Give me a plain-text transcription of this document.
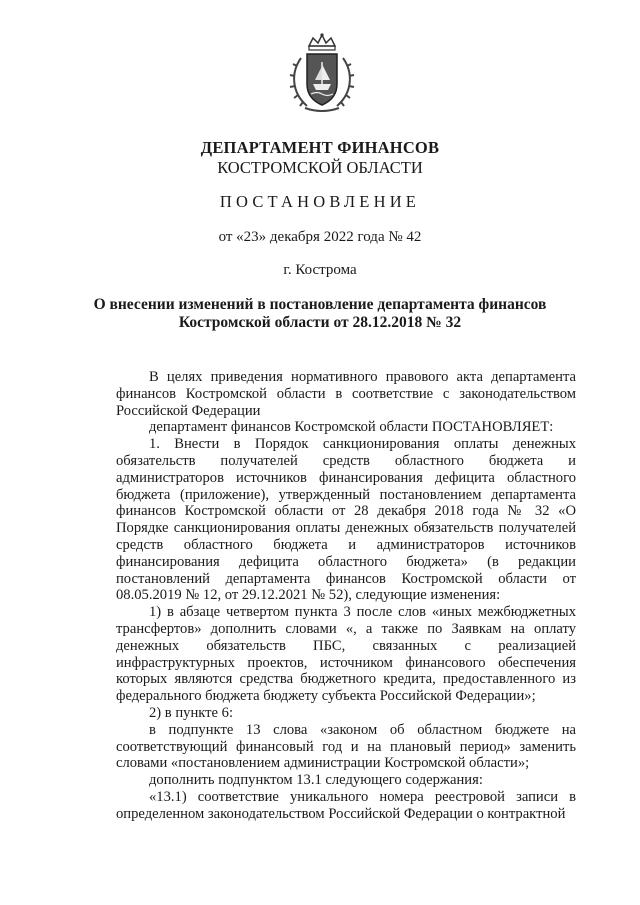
ДЕПАРТАМЕНТ ФИНАНСОВ
КОСТРОМСКОЙ ОБЛАСТИ
ПОСТАНОВЛЕНИЕ
от «23» декабря 2022 года № 42
г. Кострома
О внесении изменений в постановление департамента финансов
Костромской области от 28.12.2018 № 32

В целях приведения нормативного правового акта департамента финансов Костромской области в соответствие с законодательством Российской Федерации

департамент финансов Костромской области ПОСТАНОВЛЯЕТ:

1. Внести в Порядок санкционирования оплаты денежных обязательств получателей средств областного бюджета и администраторов источников финансирования дефицита областного бюджета (приложение), утвержденный постановлением департамента финансов Костромской области от 28 декабря 2018 года № 32 «О Порядке санкционирования оплаты денежных обязательств получателей средств областного бюджета и администраторов источников финансирования дефицита областного бюджета» (в редакции постановлений департамента финансов Костромской области от 08.05.2019 № 12, от 29.12.2021 № 52), следующие изменения:

1) в абзаце четвертом пункта 3 после слов «иных межбюджетных трансфертов» дополнить словами «, а также по Заявкам на оплату денежных обязательств ПБС, связанных с реализацией инфраструктурных проектов, источником финансового обеспечения которых являются средства бюджетного кредита, предоставленного из федерального бюджета бюджету субъекта Российской Федерации»;

2) в пункте 6:

в подпункте 13 слова «законом об областном бюджете на соответствующий финансовый год и на плановый период» заменить словами «постановлением администрации Костромской области»;

дополнить подпунктом 13.1 следующего содержания:

«13.1) соответствие уникального номера реестровой записи в определенном законодательством Российской Федерации о контрактной
